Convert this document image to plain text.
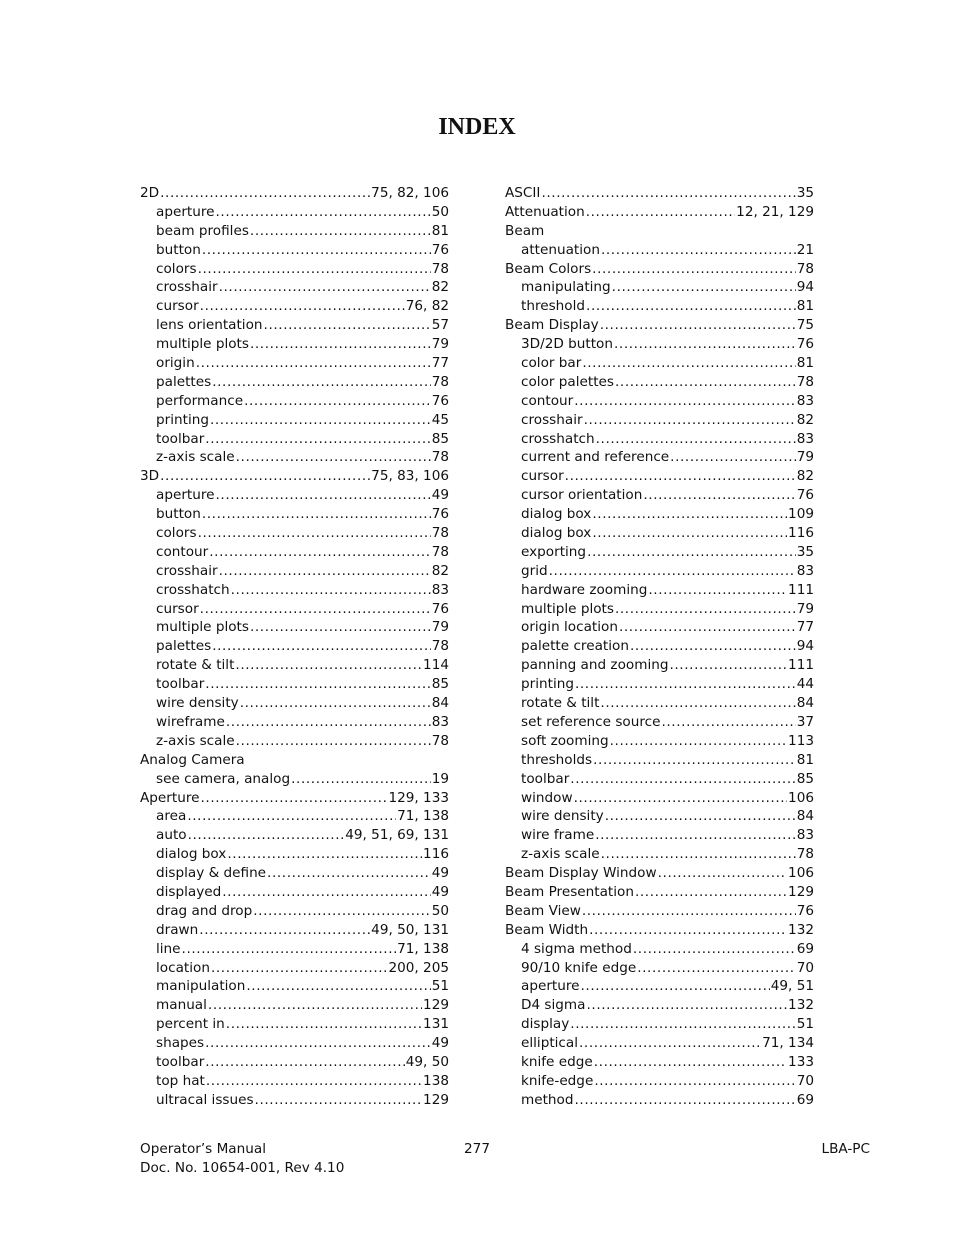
INDEX
2D .....	75, 82, 106
aperture .....	50
beam profiles .....	81
button .....	76
colors .....	78
crosshair .....	82
cursor .....	76, 82
lens orientation .....	57
multiple plots .....	79
origin .....	77
palettes .....	78
performance .....	76
printing .....	45
toolbar .....	85
z-axis scale .....	78
3D .....	75, 83, 106
aperture .....	49
button .....	76
colors .....	78
contour .....	78
crosshair .....	82
crosshatch .....	83
cursor .....	76
multiple plots .....	79
palettes .....	78
rotate & tilt .....	114
toolbar .....	85
wire density .....	84
wireframe .....	83
z-axis scale .....	78
Analog Camera
see camera, analog .....	19
Aperture .....	129, 133
area .....	71, 138
auto .....	49, 51, 69, 131
dialog box .....	116
display & define .....	49
displayed .....	49
drag and drop .....	50
drawn .....	49, 50, 131
line .....	71, 138
location .....	200, 205
manipulation .....	51
manual .....	129
percent in .....	131
shapes .....	49
toolbar .....	49, 50
top hat .....	138
ultracal issues .....	129
ASCII .....	35
Attenuation .....	12, 21, 129
Beam
attenuation .....	21
Beam Colors .....	78
manipulating .....	94
threshold .....	81
Beam Display .....	75
3D/2D button .....	76
color bar .....	81
color palettes .....	78
contour .....	83
crosshair .....	82
crosshatch .....	83
current and reference .....	79
cursor .....	82
cursor orientation .....	76
dialog box .....	109
dialog box .....	116
exporting .....	35
grid .....	83
hardware zooming .....	111
multiple plots .....	79
origin location .....	77
palette creation .....	94
panning and zooming .....	111
printing .....	44
rotate & tilt .....	84
set reference source .....	37
soft zooming .....	113
thresholds .....	81
toolbar .....	85
window .....	106
wire density .....	84
wire frame .....	83
z-axis scale .....	78
Beam Display Window .....	106
Beam Presentation .....	129
Beam View .....	76
Beam Width .....	132
4 sigma method .....	69
90/10 knife edge .....	70
aperture .....	49, 51
D4 sigma .....	132
display .....	51
elliptical .....	71, 134
knife edge .....	133
knife-edge .....	70
method .....	69
Operator’s Manual
Doc. No. 10654-001, Rev 4.10
277	LBA-PC
